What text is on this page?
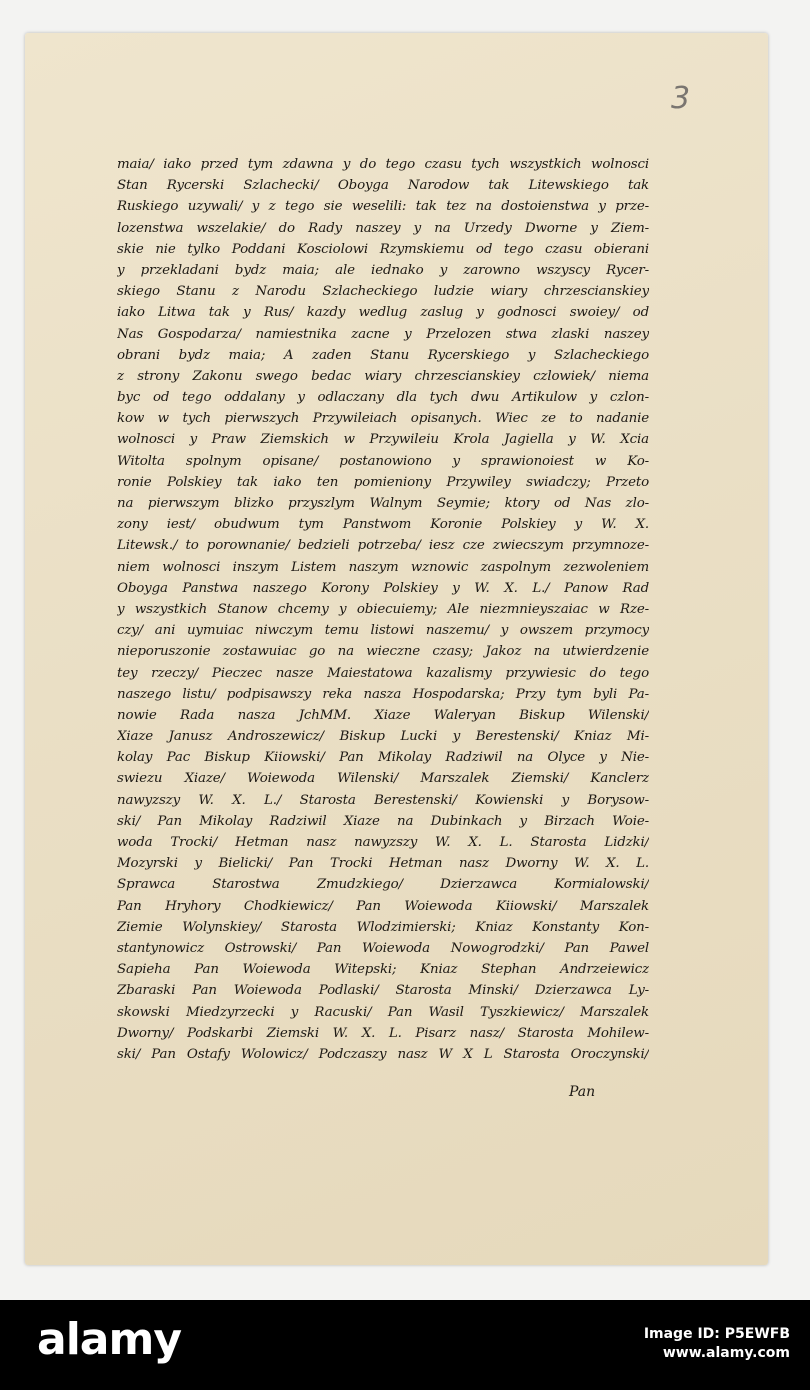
3
maia/ iako przed tym zdawna y do tego czasu tych wszystkich wolnosci
Stan Rycerski Szlachecki/ Oboyga Narodow tak Litewskiego tak
Ruskiego uzywali/ y z tego sie weselili: tak tez na dostoienstwa y prze-
lozenstwa wszelakie/ do Rady naszey y na Urzedy Dworne y Ziem-
skie nie tylko Poddani Kosciolowi Rzymskiemu od tego czasu obierani
y przekladani bydz maia; ale iednako y zarowno wszyscy Rycer-
skiego Stanu z Narodu Szlacheckiego ludzie wiary chrzescianskiey
iako Litwa tak y Rus/ kazdy wedlug zaslug y godnosci swoiey/ od
Nas Gospodarza/ namiestnika zacne y Przelozen stwa zlaski naszey
obrani bydz maia; A zaden Stanu Rycerskiego y Szlacheckiego
z strony Zakonu swego bedac wiary chrzescianskiey czlowiek/ niema
byc od tego oddalany y odlaczany dla tych dwu Artikulow y czlon-
kow w tych pierwszych Przywileiach opisanych. Wiec ze to nadanie
wolnosci y Praw Ziemskich w Przywileiu Krola Jagiella y W. Xcia
Witolta spolnym opisane/ postanowiono y sprawionoiest w Ko-
ronie Polskiey tak iako ten pomieniony Przywiley swiadczy; Przeto
na pierwszym blizko przyszlym Walnym Seymie; ktory od Nas zlo-
zony iest/ obudwum tym Panstwom Koronie Polskiey y W. X.
Litewsk./ to porownanie/ bedzieli potrzeba/ iesz cze zwiecszym przymnoze-
niem wolnosci inszym Listem naszym wznowic zaspolnym zezwoleniem
Oboyga Panstwa naszego Korony Polskiey y W. X. L./ Panow Rad
y wszystkich Stanow chcemy y obiecuiemy; Ale niezmnieyszaiac w Rze-
czy/ ani uymuiac niwczym temu listowi naszemu/ y owszem przymocy
nieporuszonie zostawuiac go na wieczne czasy; Jakoz na utwierdzenie
tey rzeczy/ Pieczec nasze Maiestatowa kazalismy przywiesic do tego
naszego listu/ podpisawszy reka nasza Hospodarska; Przy tym byli Pa-
nowie Rada nasza JchMM. Xiaze Waleryan Biskup Wilenski/
Xiaze Janusz Androszewicz/ Biskup Lucki y Berestenski/ Kniaz Mi-
kolay Pac Biskup Kiiowski/ Pan Mikolay Radziwil na Olyce y Nie-
swiezu Xiaze/ Woiewoda Wilenski/ Marszalek Ziemski/ Kanclerz
nawyzszy W. X. L./ Starosta Berestenski/ Kowienski y Borysow-
ski/ Pan Mikolay Radziwil Xiaze na Dubinkach y Birzach Woie-
woda Trocki/ Hetman nasz nawyzszy W. X. L. Starosta Lidzki/
Mozyrski y Bielicki/ Pan Trocki Hetman nasz Dworny W. X. L.
Sprawca Starostwa Zmudzkiego/ Dzierzawca Kormialowski/
Pan Hryhory Chodkiewicz/ Pan Woiewoda Kiiowski/ Marszalek
Ziemie Wolynskiey/ Starosta Wlodzimierski; Kniaz Konstanty Kon-
stantynowicz Ostrowski/ Pan Woiewoda Nowogrodzki/ Pan Pawel
Sapieha Pan Woiewoda Witepski; Kniaz Stephan Andrzeiewicz
Zbaraski Pan Woiewoda Podlaski/ Starosta Minski/ Dzierzawca Ly-
skowski Miedzyrzecki y Racuski/ Pan Wasil Tyszkiewicz/ Marszalek
Dworny/ Podskarbi Ziemski W. X. L. Pisarz nasz/ Starosta Mohilew-
ski/ Pan Ostafy Wolowicz/ Podczaszy nasz W X L Starosta Oroczynski/
Pan
alamy	Image ID: P5EWFB
www.alamy.com
